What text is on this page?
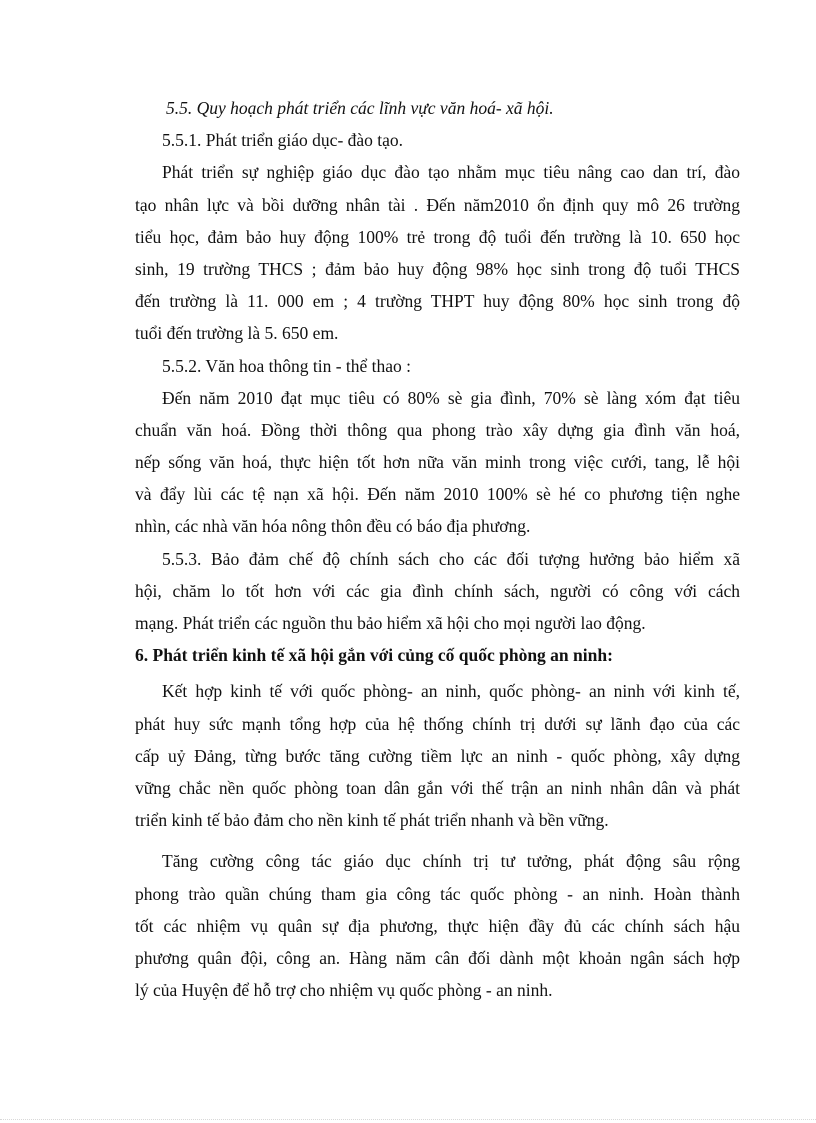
5.5. Quy hoạch phát triển các lĩnh vực văn hoá- xã hội.
5.5.1. Phát triển giáo dục- đào tạo.
Phát triển sự nghiệp giáo dục đào tạo nhằm mục tiêu nâng cao dan trí, đào
tạo nhân lực và bồi dưỡng nhân tài . Đến năm2010 ổn định quy mô 26 trường
tiểu học, đảm bảo huy động 100% trẻ trong độ tuổi đến trường là 10. 650 học
sinh, 19 trường THCS ; đảm bảo huy động 98% học sinh trong độ tuổi THCS
đến trường là 11. 000 em ; 4 trường THPT huy động 80% học sinh trong độ
tuổi đến trường là 5. 650 em.
5.5.2. Văn hoa thông tin - thể thao :
Đến năm 2010 đạt mục tiêu có 80% sè gia đình, 70% sè làng xóm đạt tiêu
chuẩn văn hoá. Đồng thời thông qua phong trào xây dựng gia đình văn hoá,
nếp sống văn hoá, thực hiện tốt hơn nữa văn minh trong việc cưới, tang, lễ hội
và đẩy lùi các tệ nạn xã hội. Đến năm 2010 100% sè hé co phương tiện nghe
nhìn, các nhà văn hóa nông thôn đều có báo địa phương.
5.5.3. Bảo đảm chế độ chính sách cho các đối tượng hưởng bảo hiểm xã
hội, chăm lo tốt hơn với các gia đình chính sách, người có công với cách
mạng. Phát triển các nguồn thu bảo hiểm xã hội cho mọi người lao động.
6. Phát triển kinh tế xã hội gắn với củng cố quốc phòng an ninh:
Kết hợp kinh tế với quốc phòng- an ninh, quốc phòng- an ninh với kinh tế,
phát huy sức mạnh tổng hợp của hệ thống chính trị dưới sự lãnh đạo của các
cấp uỷ Đảng, từng bước tăng cường tiềm lực an ninh - quốc phòng, xây dựng
vững chắc nền quốc phòng toan dân gắn với thế trận an ninh nhân dân và phát
triển kinh tế bảo đảm cho nền kinh tế phát triển nhanh và bền vững.
Tăng cường công tác giáo dục chính trị tư tưởng, phát động sâu rộng
phong trào quần chúng tham gia công tác quốc phòng - an ninh. Hoàn thành
tốt các nhiệm vụ quân sự địa phương, thực hiện đầy đủ các chính sách hậu
phương quân đội, công an. Hàng năm cân đối dành một khoản ngân sách hợp
lý của Huyện để hỗ trợ cho nhiệm vụ quốc phòng - an ninh.
